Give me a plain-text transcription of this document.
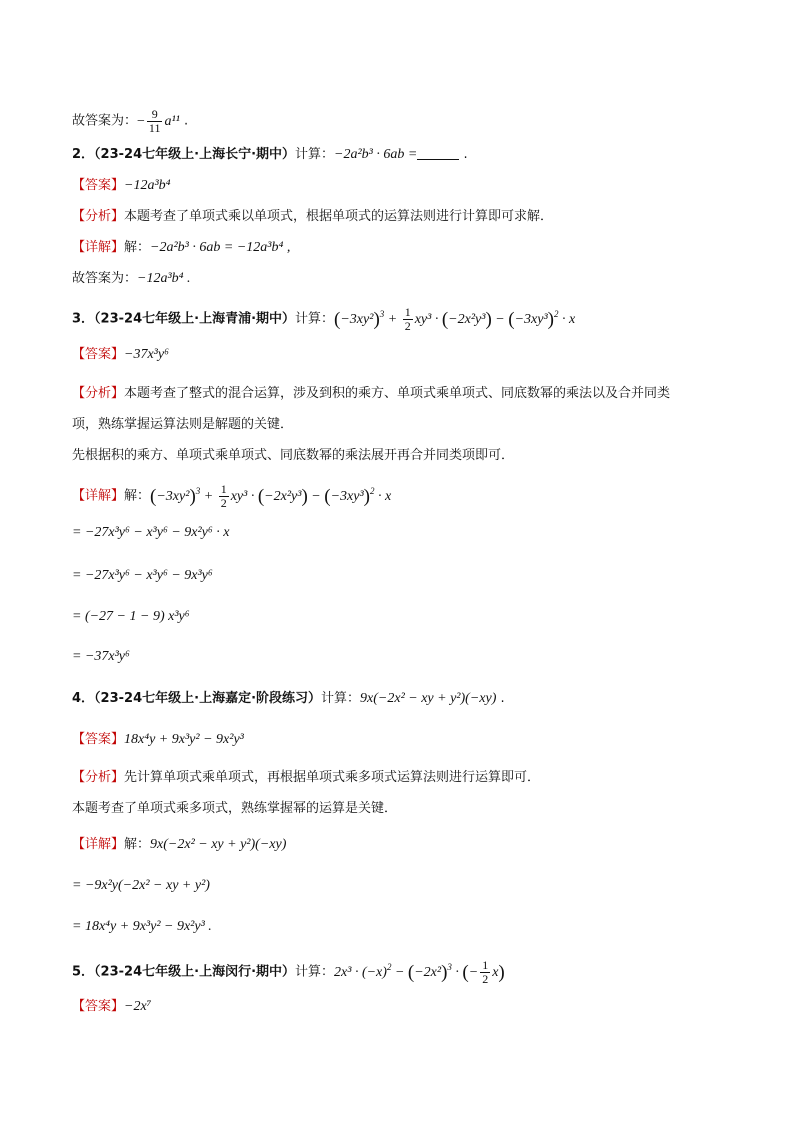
故答案为：− $\frac{9}{11} a^{11}$ .
2．（23-24七年级上·上海长宁·期中）计算：−2a²b³ · 6ab =	.
【答案】−12a³b⁴
【分析】本题考查了单项式乘以单项式，根据单项式的运算法则进行计算即可求解．
【详解】解：−2a²b³ · 6ab = −12a³b⁴ ,
故答案为：−12a³b⁴ .
3．（23-24七年级上·上海青浦·期中）计算：$(-3xy^2)^3 + \frac{1}{2} xy^3 \cdot (-2x^2y^3) - (-3xy^3)^2 \cdot x$
【答案】−37x³y⁶
【分析】本题考查了整式的混合运算，涉及到积的乘方、单项式乘单项式、同底数幂的乘法以及合并同类
项，熟练掌握运算法则是解题的关键．
先根据积的乘方、单项式乘单项式、同底数幂的乘法展开再合并同类项即可．
【详解】解：$(-3xy^2)^3 + \frac{1}{2} xy^3 \cdot (-2x^2y^3) - (-3xy^3)^2 \cdot x$
= −27x³y⁶ − x³y⁶ − 9x²y⁶ · x
= −27x³y⁶ − x³y⁶ − 9x³y⁶
= (−27 − 1 − 9) x³y⁶
= −37x³y⁶
4．（23-24七年级上·上海嘉定·阶段练习）计算：9x(−2x² − xy + y²)(−xy) .
【答案】18x⁴y + 9x³y² − 9x²y³
【分析】先计算单项式乘单项式，再根据单项式乘多项式运算法则进行运算即可．
本题考查了单项式乘多项式，熟练掌握幂的运算是关键．
【详解】解：9x(−2x² − xy + y²)(−xy)
= −9x²y(−2x² − xy + y²)
= 18x⁴y + 9x³y² − 9x²y³ .
5．（23-24七年级上·上海闵行·期中）计算：$2x^3 \cdot (-x)^2 - (-2x^2)^3$ · (− $\frac{1}{2} x$)
【答案】−2x⁷
